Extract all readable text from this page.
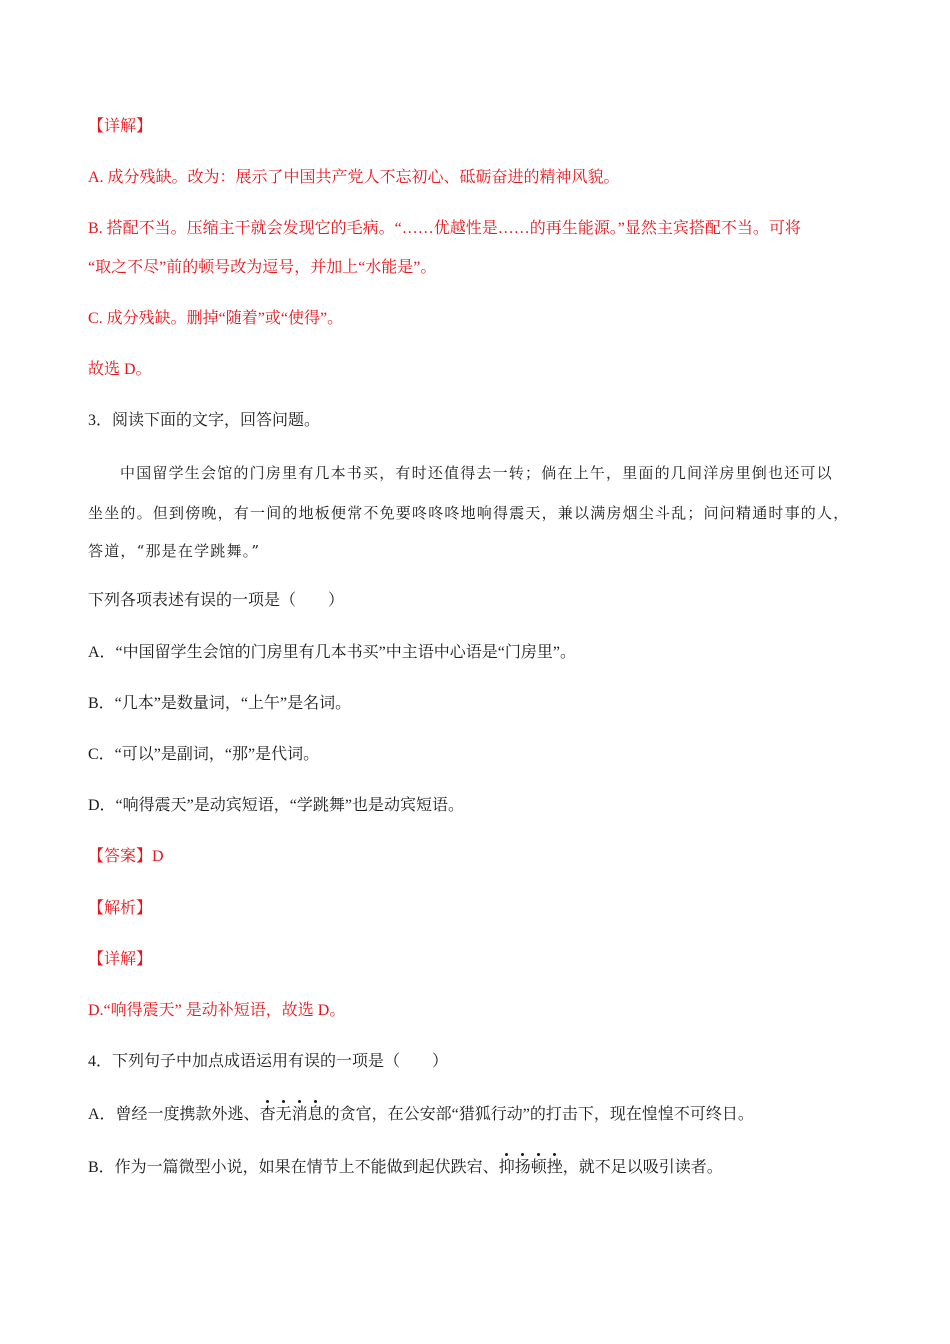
【详解】
A. 成分残缺。改为：展示了中国共产党人不忘初心、砥砺奋进的精神风貌。
B. 搭配不当。压缩主干就会发现它的毛病。“……优越性是……的再生能源。”显然主宾搭配不当。可将
“取之不尽”前的顿号改为逗号，并加上“水能是”。
C. 成分残缺。删掉“随着”或“使得”。
故选 D。
3．阅读下面的文字，回答问题。
中国留学生会馆的门房里有几本书买，有时还值得去一转；倘在上午，里面的几间洋房里倒也还可以
坐坐的。但到傍晚，有一间的地板便常不免要咚咚咚地响得震天，兼以满房烟尘斗乱；问问精通时事的人，
答道，“那是在学跳舞。”
下列各项表述有误的一项是（　　）
A．“中国留学生会馆的门房里有几本书买”中主语中心语是“门房里”。
B．“几本”是数量词，“上午”是名词。
C．“可以”是副词，“那”是代词。
D．“响得震天”是动宾短语，“学跳舞”也是动宾短语。
【答案】D
【解析】
【详解】
D.“响得震天” 是动补短语，故选 D。
4．下列句子中加点成语运用有误的一项是（　　）
A．曾经一度携款外逃、杳无消息的贪官，在公安部“猎狐行动”的打击下，现在惶惶不可终日。
B．作为一篇微型小说，如果在情节上不能做到起伏跌宕、抑扬顿挫，就不足以吸引读者。
